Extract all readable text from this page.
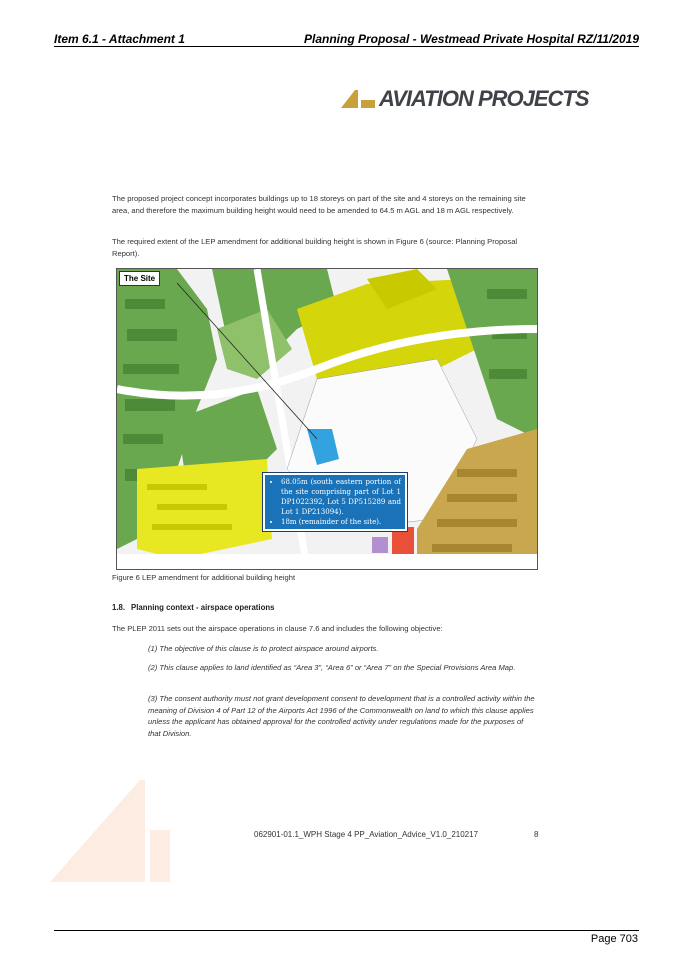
Item 6.1 - Attachment 1	Planning Proposal - Westmead Private Hospital RZ/11/2019
AVIATION PROJECTS
The proposed project concept incorporates buildings up to 18 storeys on part of the site and 4 storeys on the remaining site area, and therefore the maximum building height would need to be amended to 64.5 m AGL and 18 m AGL respectively.
The required extent of the LEP amendment for additional building height is shown in Figure 6 (source: Planning Proposal Report).
The Site
• 68.05m (south eastern portion of the site comprising part of Lot 1 DP1022392, Lot 5 DP515289 and Lot 1 DP213094).
• 18m (remainder of the site).
Figure 6 LEP amendment for additional building height
1.8. Planning context - airspace operations
The PLEP 2011 sets out the airspace operations in clause 7.6 and includes the following objective:
(1) The objective of this clause is to protect airspace around airports.
(2) This clause applies to land identified as “Area 3”, “Area 6” or “Area 7” on the Special Provisions Area Map.
(3) The consent authority must not grant development consent to development that is a controlled activity within the meaning of Division 4 of Part 12 of the Airports Act 1996 of the Commonwealth on land to which this clause applies unless the applicant has obtained approval for the controlled activity under regulations made for the purposes of that Division.
062901-01.1_WPH Stage 4 PP_Aviation_Advice_V1.0_210217	8
Page 703
